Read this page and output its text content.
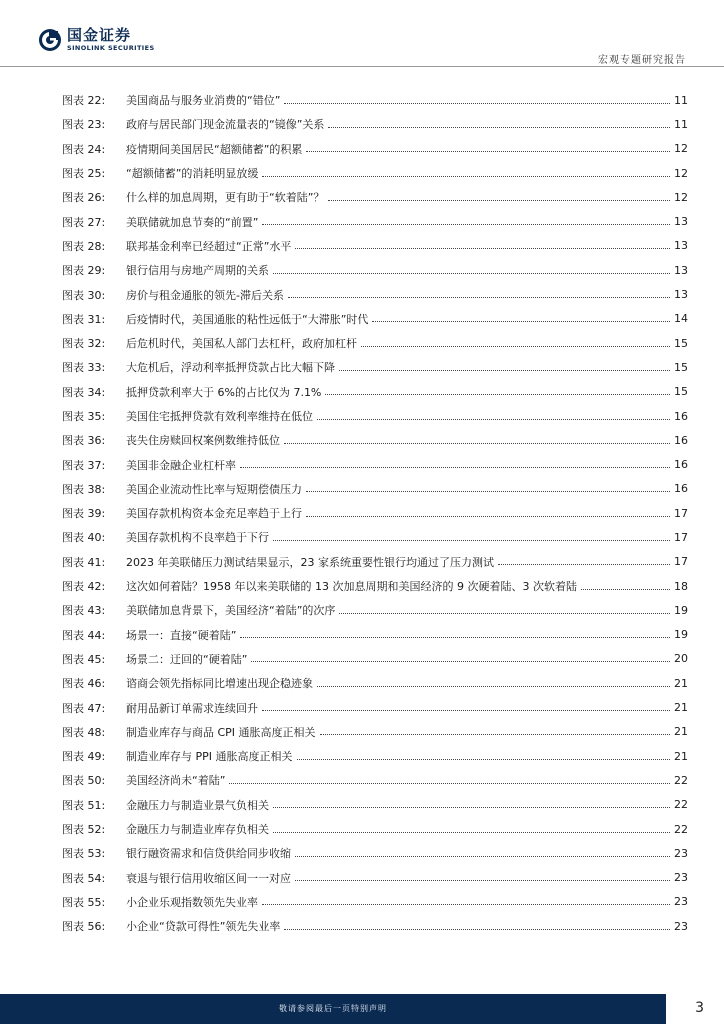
国金证券
SINOLINK SECURITIES
宏观专题研究报告
图表 22:	美国商品与服务业消费的“错位”	11
图表 23:	政府与居民部门现金流量表的“镜像”关系	11
图表 24:	疫情期间美国居民“超额储蓄”的积累	12
图表 25:	“超额储蓄”的消耗明显放缓	12
图表 26:	什么样的加息周期，更有助于“软着陆”？	12
图表 27:	美联储就加息节奏的“前置”	13
图表 28:	联邦基金利率已经超过“正常”水平	13
图表 29:	银行信用与房地产周期的关系	13
图表 30:	房价与租金通胀的领先-滞后关系	13
图表 31:	后疫情时代，美国通胀的粘性远低于“大滞胀”时代	14
图表 32:	后危机时代，美国私人部门去杠杆，政府加杠杆	15
图表 33:	大危机后，浮动利率抵押贷款占比大幅下降	15
图表 34:	抵押贷款利率大于 6%的占比仅为 7.1%	15
图表 35:	美国住宅抵押贷款有效利率维持在低位	16
图表 36:	丧失住房赎回权案例数维持低位	16
图表 37:	美国非金融企业杠杆率	16
图表 38:	美国企业流动性比率与短期偿债压力	16
图表 39:	美国存款机构资本金充足率趋于上行	17
图表 40:	美国存款机构不良率趋于下行	17
图表 41:	2023 年美联储压力测试结果显示，23 家系统重要性银行均通过了压力测试	17
图表 42:	这次如何着陆？1958 年以来美联储的 13 次加息周期和美国经济的 9 次硬着陆、3 次软着陆	18
图表 43:	美联储加息背景下，美国经济“着陆”的次序	19
图表 44:	场景一：直接“硬着陆”	19
图表 45:	场景二：迂回的“硬着陆”	20
图表 46:	谘商会领先指标同比增速出现企稳迹象	21
图表 47:	耐用品新订单需求连续回升	21
图表 48:	制造业库存与商品 CPI 通胀高度正相关	21
图表 49:	制造业库存与 PPI 通胀高度正相关	21
图表 50:	美国经济尚未“着陆”	22
图表 51:	金融压力与制造业景气负相关	22
图表 52:	金融压力与制造业库存负相关	22
图表 53:	银行融资需求和信贷供给同步收缩	23
图表 54:	衰退与银行信用收缩区间一一对应	23
图表 55:	小企业乐观指数领先失业率	23
图表 56:	小企业“贷款可得性”领先失业率	23
敬请参阅最后一页特别声明	3
